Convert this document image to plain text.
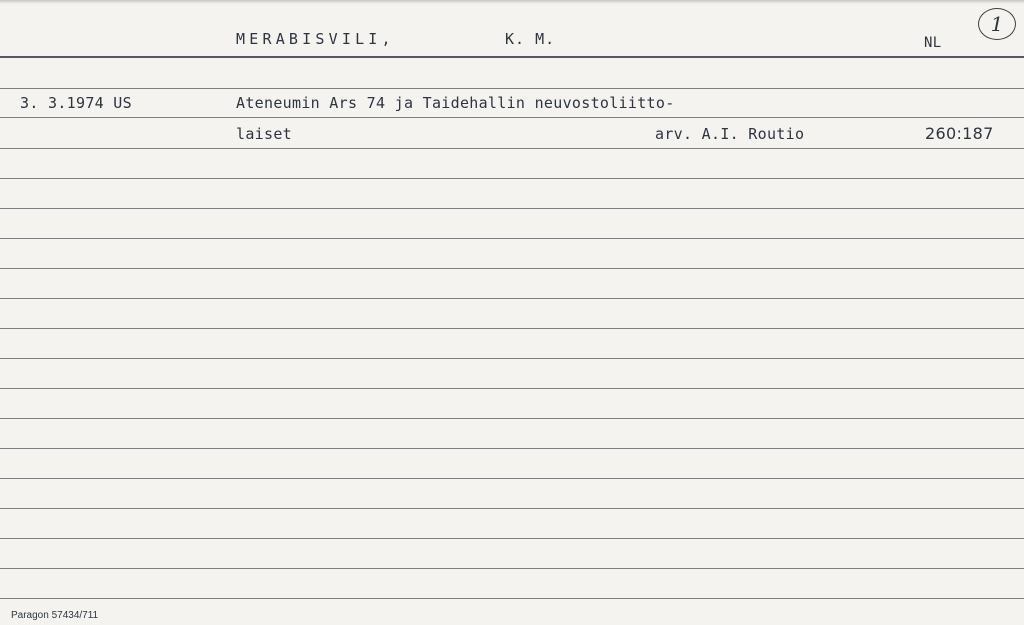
MERABISVILI,	K. M.	NL
1
3. 3.1974 US	Ateneumin Ars 74 ja Taidehallin neuvostoliitto-
laiset	arv. A.I. Routio	260:187
Paragon 57434/711
